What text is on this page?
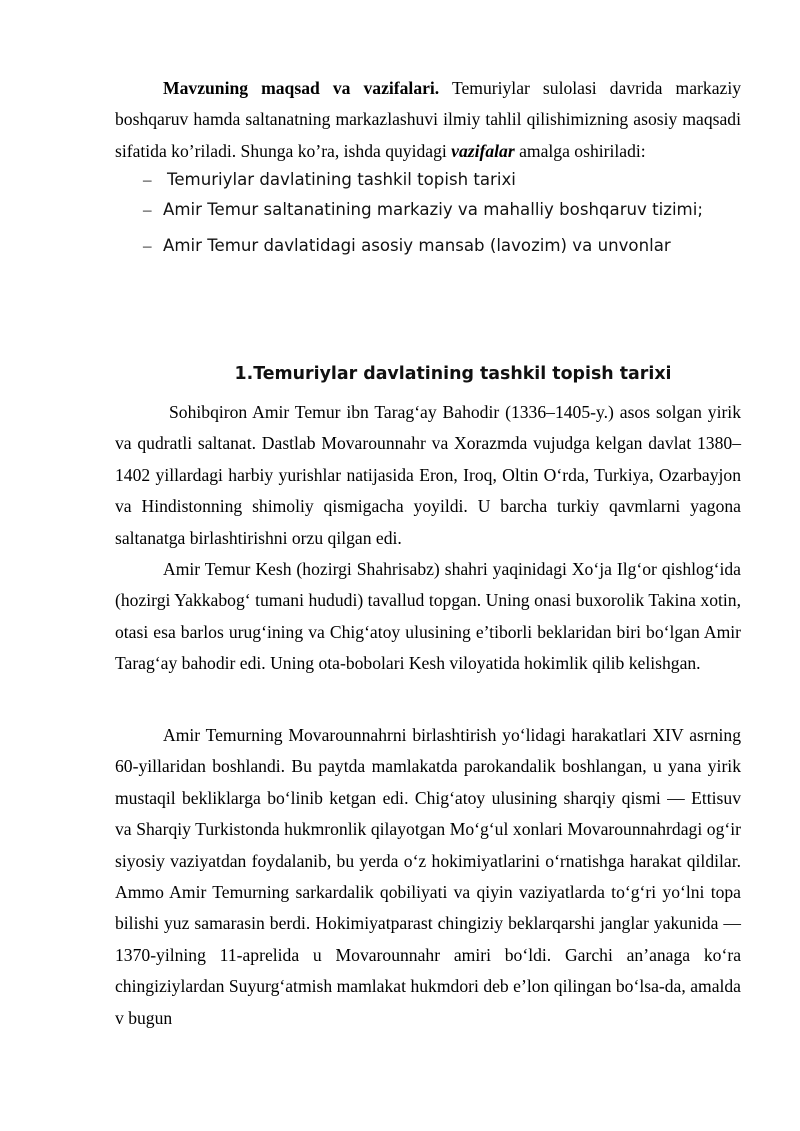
Mavzuning maqsad va vazifalari. Temuriylar sulolasi davrida markaziy boshqaruv hamda saltanatning markazlashuvi ilmiy tahlil qilishimizning asosiy maqsadi sifatida ko’riladi. Shunga ko’ra, ishda quyidagi vazifalar amalga oshiriladi:

– Temuriylar davlatining tashkil topish tarixi
– Amir Temur saltanatining markaziy va mahalliy boshqaruv tizimi;
– Amir Temur davlatidagi asosiy mansab (lavozim) va unvonlar
1.Temuriylar davlatining tashkil topish tarixi

Sohibqiron Amir Temur ibn Tarag‘ay Bahodir (1336–1405-y.) asos solgan yirik va qudratli saltanat. Dastlab Movarounnahr va Xorazmda vujudga kelgan davlat 1380–1402 yillardagi harbiy yurishlar natijasida Eron, Iroq, Oltin O‘rda, Turkiya, Ozarbayjon va Hindistonning shimoliy qismigacha yoyildi. U barcha turkiy qavmlarni yagona saltanatga birlashtirishni orzu qilgan edi.

Amir Temur Kesh (hozirgi Shahrisabz) shahri yaqinidagi Xo‘ja Ilg‘or qishlog‘ida (hozirgi Yakkabog‘ tumani hududi) tavallud topgan. Uning onasi buxorolik Takina xotin, otasi esa barlos urug‘ining va Chig‘atoy ulusining e’tiborli beklaridan biri bo‘lgan Amir Tarag‘ay bahodir edi. Uning ota-bobolari Kesh viloyatida hokimlik qilib kelishgan.

Amir Temurning Movarounnahrni birlashtirish yo‘lidagi harakatlari XIV asrning 60-yillaridan boshlandi. Bu paytda mamlakatda parokandalik boshlangan, u yana yirik mustaqil bekliklarga bo‘linib ketgan edi. Chig‘atoy ulusining sharqiy qismi — Ettisuv va Sharqiy Turkistonda hukmronlik qilayotgan Mo‘g‘ul xonlari Movarounnahrdagi og‘ir siyosiy vaziyatdan foydalanib, bu yerda o‘z hokimiyatlarini o‘rnatishga harakat qildilar. Ammo Amir Temurning sarkardalik qobiliyati va qiyin vaziyatlarda to‘g‘ri yo‘lni topa bilishi yuz samarasin berdi. Hokimiyatparast chingiziy beklarqarshi janglar yakunida — 1370-yilning 11-aprelida u Movarounnahr amiri bo‘ldi. Garchi an’anaga ko‘ra chingiziylardan Suyurg‘atmish mamlakat hukmdori deb e’lon qilingan bo‘lsa-da, amalda v bugun
